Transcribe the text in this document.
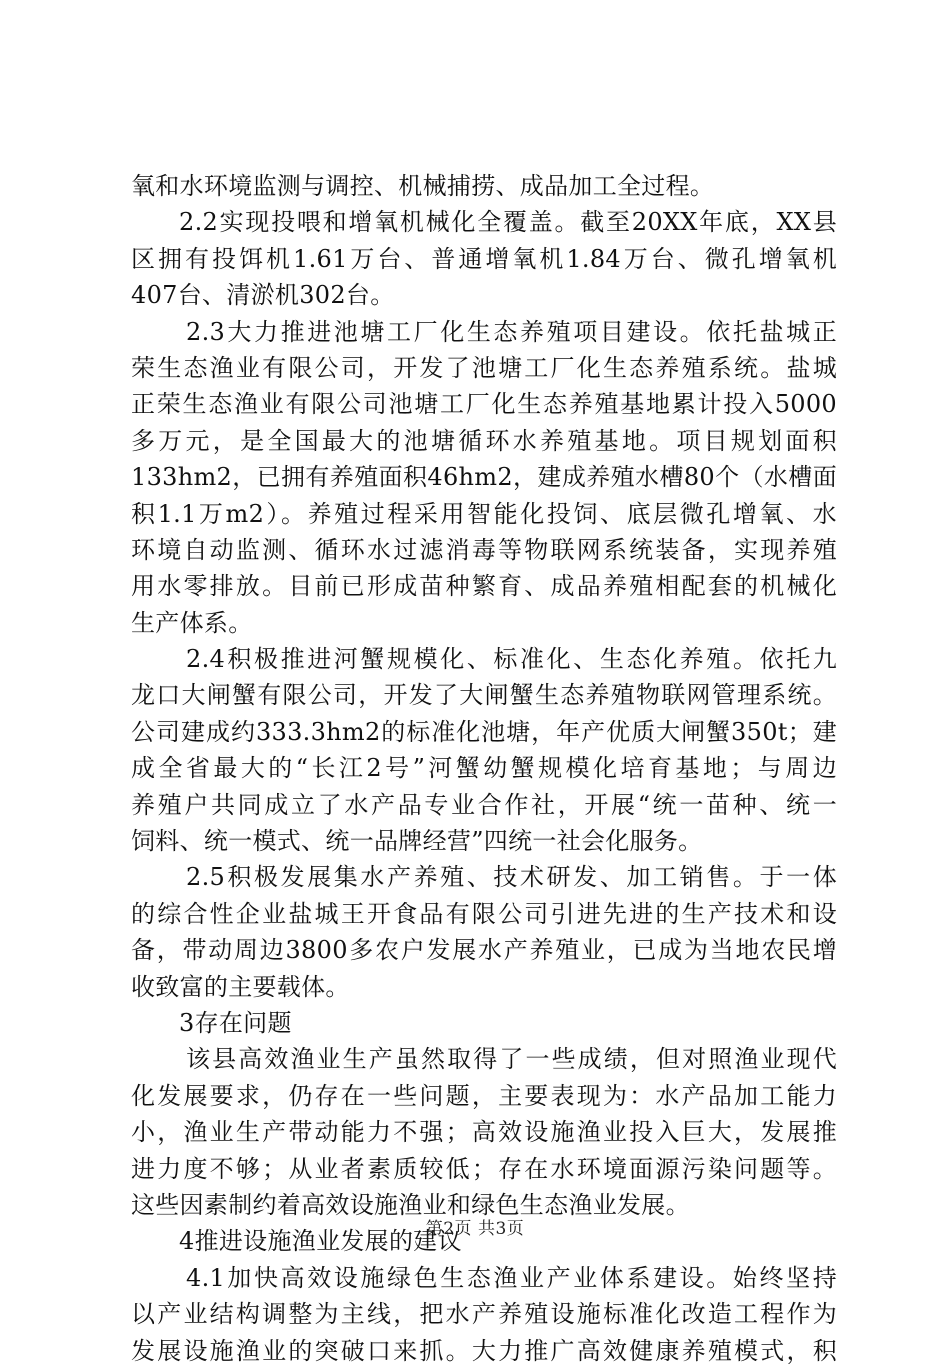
氧和水环境监测与调控、机械捕捞、成品加工全过程。
2.2实现投喂和增氧机械化全覆盖。截至20XX年底，XX县
区拥有投饵机1.61万台、普通增氧机1.84万台、微孔增氧机
407台、清淤机302台。
2.3大力推进池塘工厂化生态养殖项目建设。依托盐城正
荣生态渔业有限公司，开发了池塘工厂化生态养殖系统。盐城
正荣生态渔业有限公司池塘工厂化生态养殖基地累计投入5000
多万元，是全国最大的池塘循环水养殖基地。项目规划面积
133hm2，已拥有养殖面积46hm2，建成养殖水槽80个（水槽面
积1.1万m2）。养殖过程采用智能化投饲、底层微孔增氧、水
环境自动监测、循环水过滤消毒等物联网系统装备，实现养殖
用水零排放。目前已形成苗种繁育、成品养殖相配套的机械化
生产体系。
2.4积极推进河蟹规模化、标准化、生态化养殖。依托九
龙口大闸蟹有限公司，开发了大闸蟹生态养殖物联网管理系统。
公司建成约333.3hm2的标准化池塘，年产优质大闸蟹350t；建
成全省最大的“长江2号”河蟹幼蟹规模化培育基地；与周边
养殖户共同成立了水产品专业合作社，开展“统一苗种、统一
饲料、统一模式、统一品牌经营”四统一社会化服务。
2.5积极发展集水产养殖、技术研发、加工销售。于一体
的综合性企业盐城王开食品有限公司引进先进的生产技术和设
备，带动周边3800多农户发展水产养殖业，已成为当地农民增
收致富的主要载体。
3存在问题
该县高效渔业生产虽然取得了一些成绩，但对照渔业现代
化发展要求，仍存在一些问题，主要表现为：水产品加工能力
小，渔业生产带动能力不强；高效设施渔业投入巨大，发展推
进力度不够；从业者素质较低；存在水环境面源污染问题等。
这些因素制约着高效设施渔业和绿色生态渔业发展。
4推进设施渔业发展的建议
4.1加快高效设施绿色生态渔业产业体系建设。始终坚持
以产业结构调整为主线，把水产养殖设施标准化改造工程作为
发展设施渔业的突破口来抓。大力推广高效健康养殖模式，积
第2页 共3页
